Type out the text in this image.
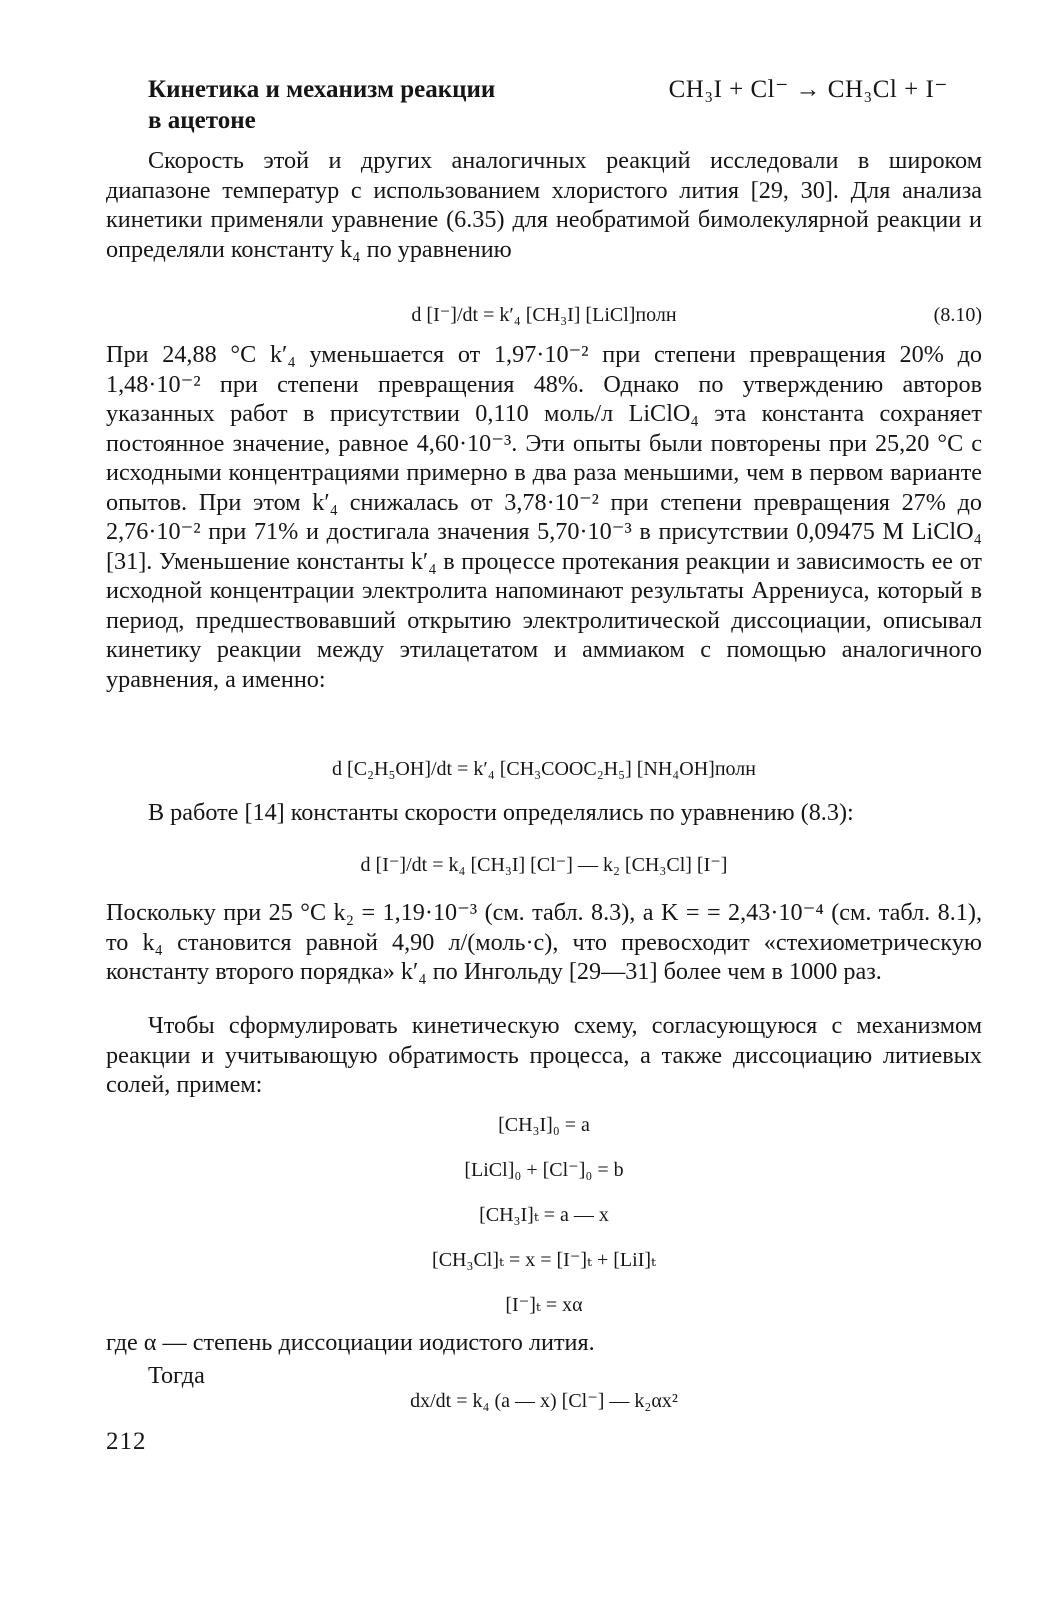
Кинетика и механизм реакции	CH₃I + Cl⁻ → CH₃Cl + I⁻
в ацетоне

Скорость этой и других аналогичных реакций исследовали в широком диапазоне температур с использованием хлористого лития [29, 30]. Для анализа кинетики применяли уравнение (6.35) для необратимой бимолекулярной реакции и определяли константу k₄ по уравнению

d [I⁻]/dt = k′₄ [CH₃I] [LiCl]полн	(8.10)

При 24,88 °С k′₄ уменьшается от 1,97·10⁻² при степени превращения 20% до 1,48·10⁻² при степени превращения 48%. Однако по утверждению авторов указанных работ в присутствии 0,110 моль/л LiClO₄ эта константа сохраняет постоянное значение, равное 4,60·10⁻³. Эти опыты были повторены при 25,20 °С с исходными концентрациями примерно в два раза меньшими, чем в первом варианте опытов. При этом k′₄ снижалась от 3,78·10⁻² при степени превращения 27% до 2,76·10⁻² при 71% и достигала значения 5,70·10⁻³ в присутствии 0,09475 M LiClO₄ [31]. Уменьшение константы k′₄ в процессе протекания реакции и зависимость ее от исходной концентрации электролита напоминают результаты Аррениуса, который в период, предшествовавший открытию электролитической диссоциации, описывал кинетику реакции между этилацетатом и аммиаком с помощью аналогичного уравнения, а именно:

d [C₂H₅OH]/dt = k′₄ [CH₃COOC₂H₅] [NH₄OH]полн

В работе [14] константы скорости определялись по уравнению (8.3):

d [I⁻]/dt = k₄ [CH₃I] [Cl⁻] — k₂ [CH₃Cl] [I⁻]

Поскольку при 25 °С k₂ = 1,19·10⁻³ (см. табл. 8.3), а K = = 2,43·10⁻⁴ (см. табл. 8.1), то k₄ становится равной 4,90 л/(моль·с), что превосходит «стехиометрическую константу второго порядка» k′₄ по Ингольду [29—31] более чем в 1000 раз.

Чтобы сформулировать кинетическую схему, согласующуюся с механизмом реакции и учитывающую обратимость процесса, а также диссоциацию литиевых солей, примем:

[CH₃I]₀ = a
[LiCl]₀ + [Cl⁻]₀ = b
[CH₃I]ₜ = a — x
[CH₃Cl]ₜ = x = [I⁻]ₜ + [LiI]ₜ
[I⁻]ₜ = xα

где α — степень диссоциации иодистого лития.

Тогда

dx/dt = k₄ (a — x) [Cl⁻] — k₂αx²
212
